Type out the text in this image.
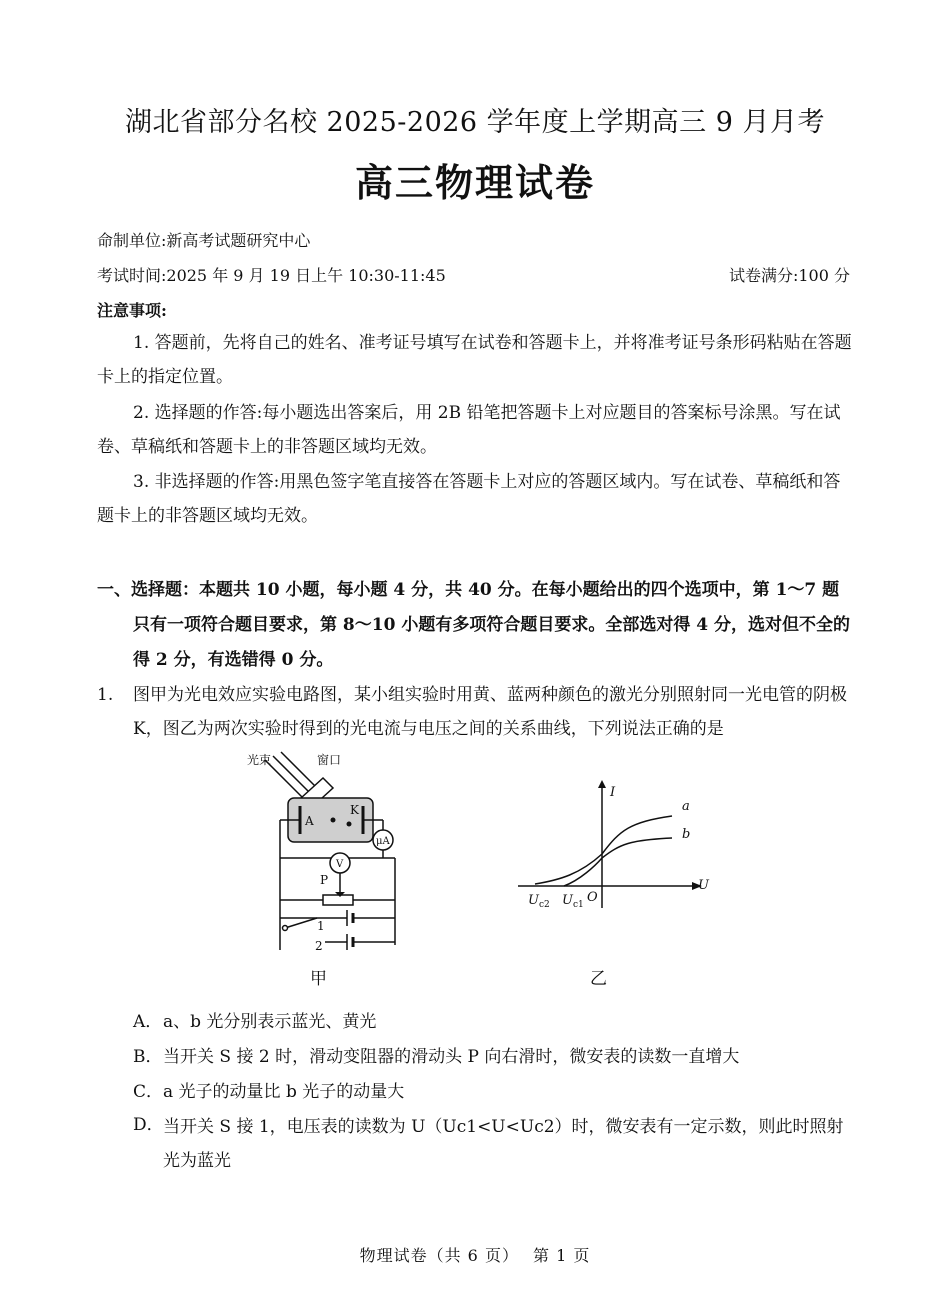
湖北省部分名校 2025-2026 学年度上学期高三 9 月月考
高三物理试卷
命制单位:新高考试题研究中心
考试时间:2025 年 9 月 19 日上午 10:30-11:45	试卷满分:100 分
注意事项:
1. 答题前，先将自己的姓名、准考证号填写在试卷和答题卡上，并将准考证号条形码粘贴在答题卡上的指定位置。
2. 选择题的作答:每小题选出答案后，用 2B 铅笔把答题卡上对应题目的答案标号涂黑。写在试卷、草稿纸和答题卡上的非答题区域均无效。
3. 非选择题的作答:用黑色签字笔直接答在答题卡上对应的答题区域内。写在试卷、草稿纸和答题卡上的非答题区域均无效。
一、选择题：本题共 10 小题，每小题 4 分，共 40 分。在每小题给出的四个选项中，第 1～7 题只有一项符合题目要求，第 8～10 小题有多项符合题目要求。全部选对得 4 分，选对但不全的得 2 分，有选错得 0 分。
1. 图甲为光电效应实验电路图，某小组实验时用黄、蓝两种颜色的激光分别照射同一光电管的阴极 K，图乙为两次实验时得到的光电流与电压之间的关系曲线，下列说法正确的是
光束	窗口
A
K
μA
V
P
1
2
甲
I
U
O
a
b
$U_{c2}$ $U_{c1}$
乙
A． a、b 光分别表示蓝光、黄光
B． 当开关 S 接 2 时，滑动变阻器的滑动头 P 向右滑时，微安表的读数一直增大
C． a 光子的动量比 b 光子的动量大
D． 当开关 S 接 1，电压表的读数为 U（Uc1<U<Uc2）时，微安表有一定示数，则此时照射光为蓝光
物理试卷（共 6 页） 第 1 页
